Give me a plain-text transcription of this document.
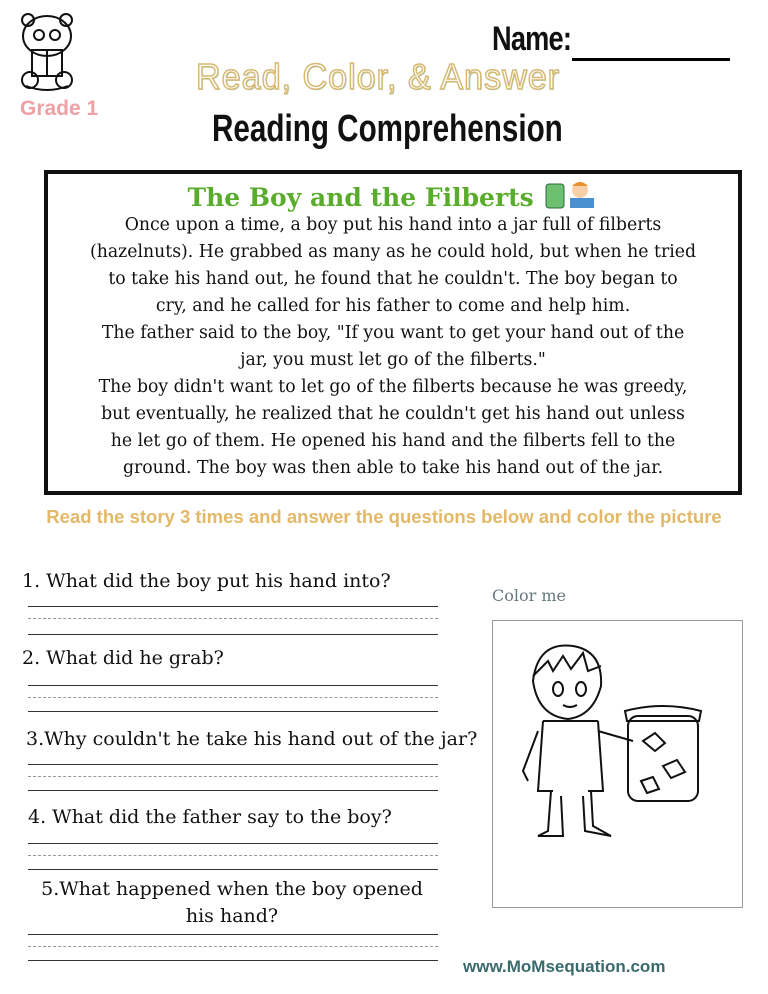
Name:
Read, Color, & Answer
Grade 1	Reading Comprehension
The Boy and the Filberts

Once upon a time, a boy put his hand into a jar full of filberts

(hazelnuts). He grabbed as many as he could hold, but when he tried

to take his hand out, he found that he couldn't. The boy began to

cry, and he called for his father to come and help him.

The father said to the boy, "If you want to get your hand out of the

jar, you must let go of the filberts."

The boy didn't want to let go of the filberts because he was greedy,

but eventually, he realized that he couldn't get his hand out unless

he let go of them. He opened his hand and the filberts fell to the

ground. The boy was then able to take his hand out of the jar.

Read the story 3 times and answer the questions below and color the picture
1. What did the boy put his hand into?
2. What did he grab?
3.Why couldn't he take his hand out of the jar?
4. What did the father say to the boy?
5.What happened when the boy opened
his hand?
Color me
www.MoMsequation.com
